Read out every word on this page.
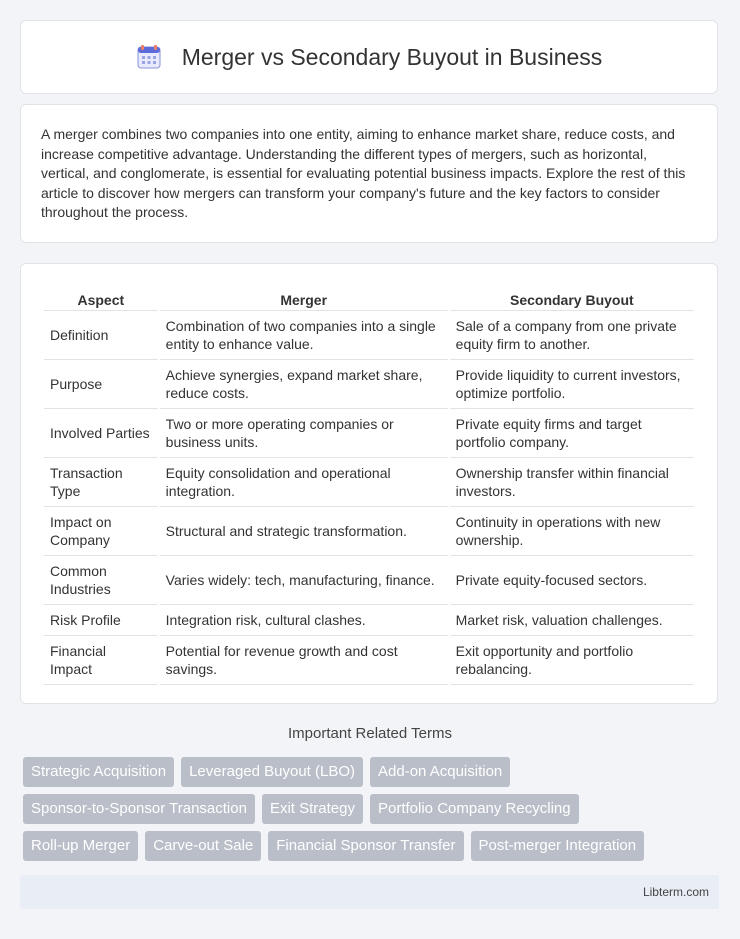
Merger vs Secondary Buyout in Business

A merger combines two companies into one entity, aiming to enhance market share, reduce costs, and increase competitive advantage. Understanding the different types of mergers, such as horizontal, vertical, and conglomerate, is essential for evaluating potential business impacts. Explore the rest of this article to discover how mergers can transform your company's future and the key factors to consider throughout the process.

Aspect	Merger	Secondary Buyout
Definition	Combination of two companies into a single entity to enhance value.	Sale of a company from one private equity firm to another.
Purpose	Achieve synergies, expand market share, reduce costs.	Provide liquidity to current investors, optimize portfolio.
Involved Parties	Two or more operating companies or business units.	Private equity firms and target portfolio company.
Transaction Type	Equity consolidation and operational integration.	Ownership transfer within financial investors.
Impact on Company	Structural and strategic transformation.	Continuity in operations with new ownership.
Common Industries	Varies widely: tech, manufacturing, finance.	Private equity-focused sectors.
Risk Profile	Integration risk, cultural clashes.	Market risk, valuation challenges.
Financial Impact	Potential for revenue growth and cost savings.	Exit opportunity and portfolio rebalancing.
Important Related Terms
Strategic Acquisition	Leveraged Buyout (LBO)	Add-on Acquisition
Sponsor-to-Sponsor Transaction	Exit Strategy	Portfolio Company Recycling
Roll-up Merger	Carve-out Sale	Financial Sponsor Transfer	Post-merger Integration
Libterm.com
